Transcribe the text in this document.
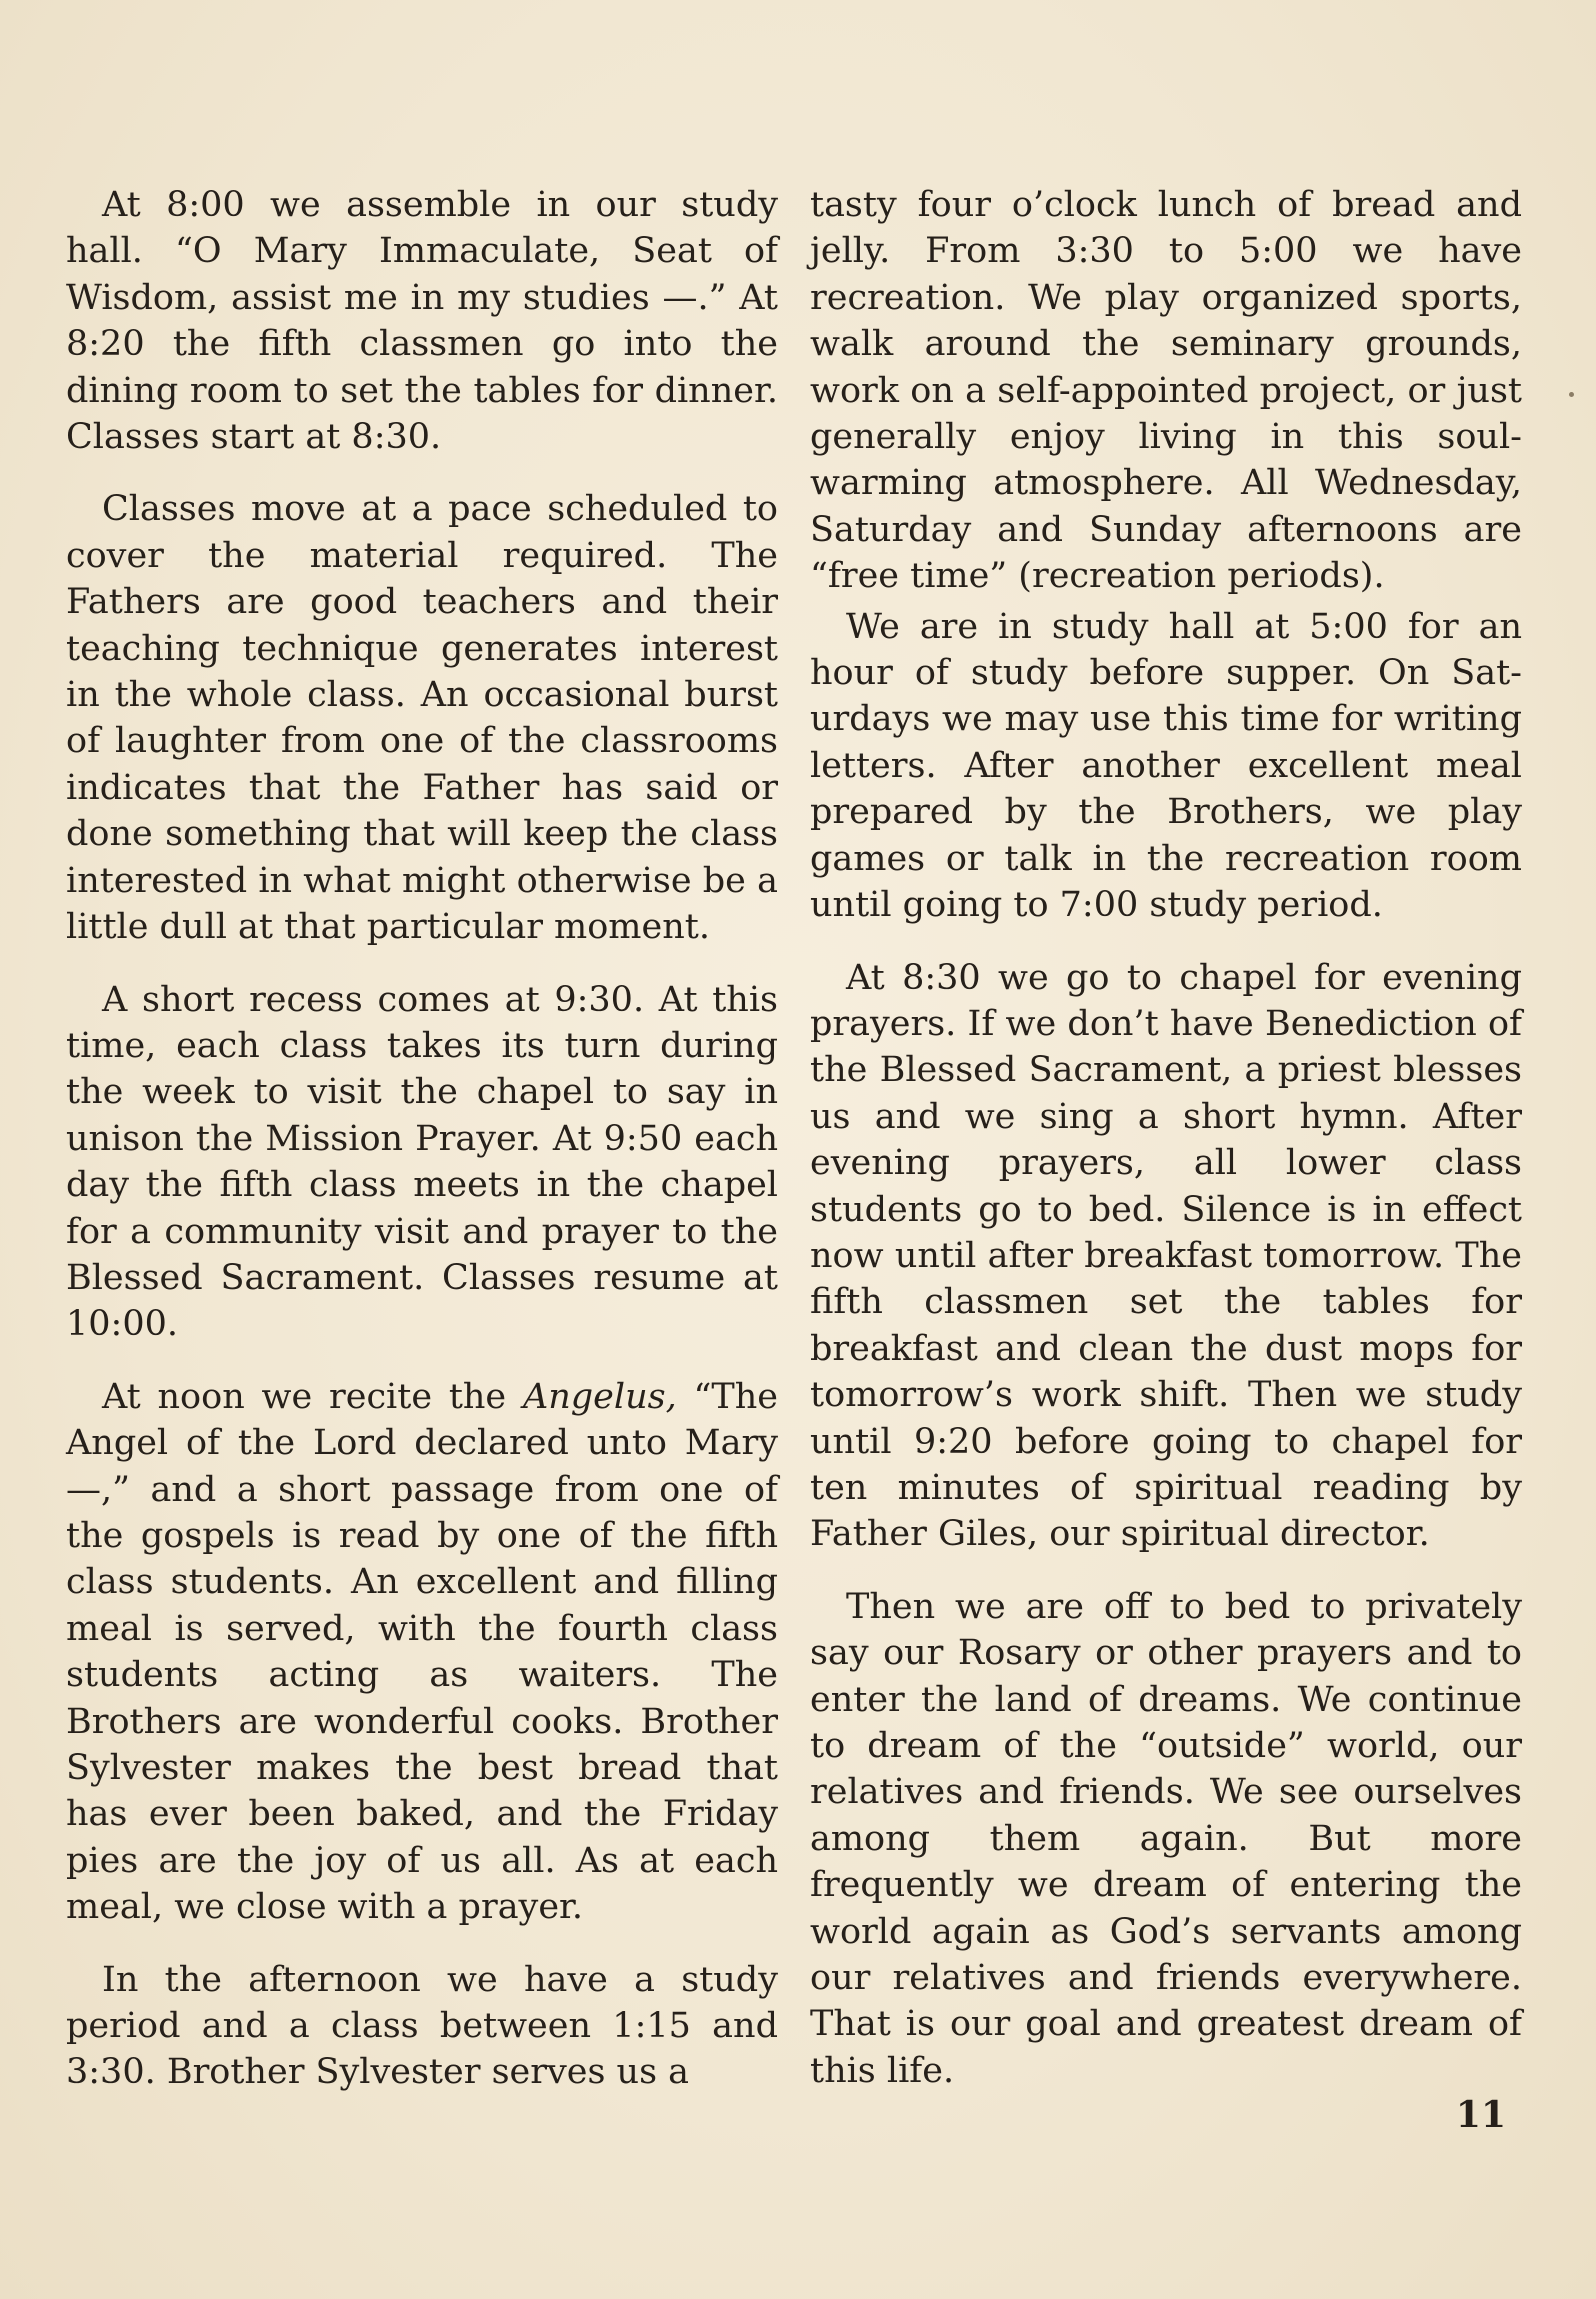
At 8:00 we assemble in our study hall. “O Mary Immaculate, Seat of Wisdom, assist me in my studies —.” At 8:20 the fifth classmen go into the dining room to set the tables for dinner. Classes start at 8:30.

Classes move at a pace scheduled to cover the material required. The Fathers are good teachers and their teaching technique generates interest in the whole class. An occasional burst of laughter from one of the classrooms indicates that the Father has said or done something that will keep the class interested in what might otherwise be a little dull at that particular moment.

A short recess comes at 9:30. At this time, each class takes its turn during the week to visit the chapel to say in unison the Mission Prayer. At 9:50 each day the fifth class meets in the chapel for a community visit and prayer to the Blessed Sacrament. Classes resume at 10:00.

At noon we recite the Angelus, “The Angel of the Lord declared unto Mary —,” and a short passage from one of the gospels is read by one of the fifth class students. An excellent and filling meal is served, with the fourth class students acting as waiters. The Brothers are wonderful cooks. Brother Sylvester makes the best bread that has ever been baked, and the Friday pies are the joy of us all. As at each meal, we close with a prayer.

In the afternoon we have a study period and a class between 1:15 and 3:30. Brother Sylvester serves us a

tasty four o’clock lunch of bread and jelly. From 3:30 to 5:00 we have recreation. We play organized sports, walk around the seminary grounds, work on a self-appointed project, or just generally enjoy living in this soulwarming atmosphere. All Wednesday, Saturday and Sunday afternoons are “free time” (recreation periods).

We are in study hall at 5:00 for an hour of study before supper. On Saturdays we may use this time for writing letters. After another excellent meal prepared by the Brothers, we play games or talk in the recreation room until going to 7:00 study period.

At 8:30 we go to chapel for evening prayers. If we don’t have Benediction of the Blessed Sacrament, a priest blesses us and we sing a short hymn. After evening prayers, all lower class students go to bed. Silence is in effect now until after breakfast tomorrow. The fifth classmen set the tables for breakfast and clean the dust mops for tomorrow’s work shift. Then we study until 9:20 before going to chapel for ten minutes of spiritual reading by Father Giles, our spiritual director.

Then we are off to bed to privately say our Rosary or other prayers and to enter the land of dreams. We continue to dream of the “outside” world, our relatives and friends. We see ourselves among them again. But more frequently we dream of entering the world again as God’s servants among our relatives and friends everywhere. That is our goal and greatest dream of this life.

11
